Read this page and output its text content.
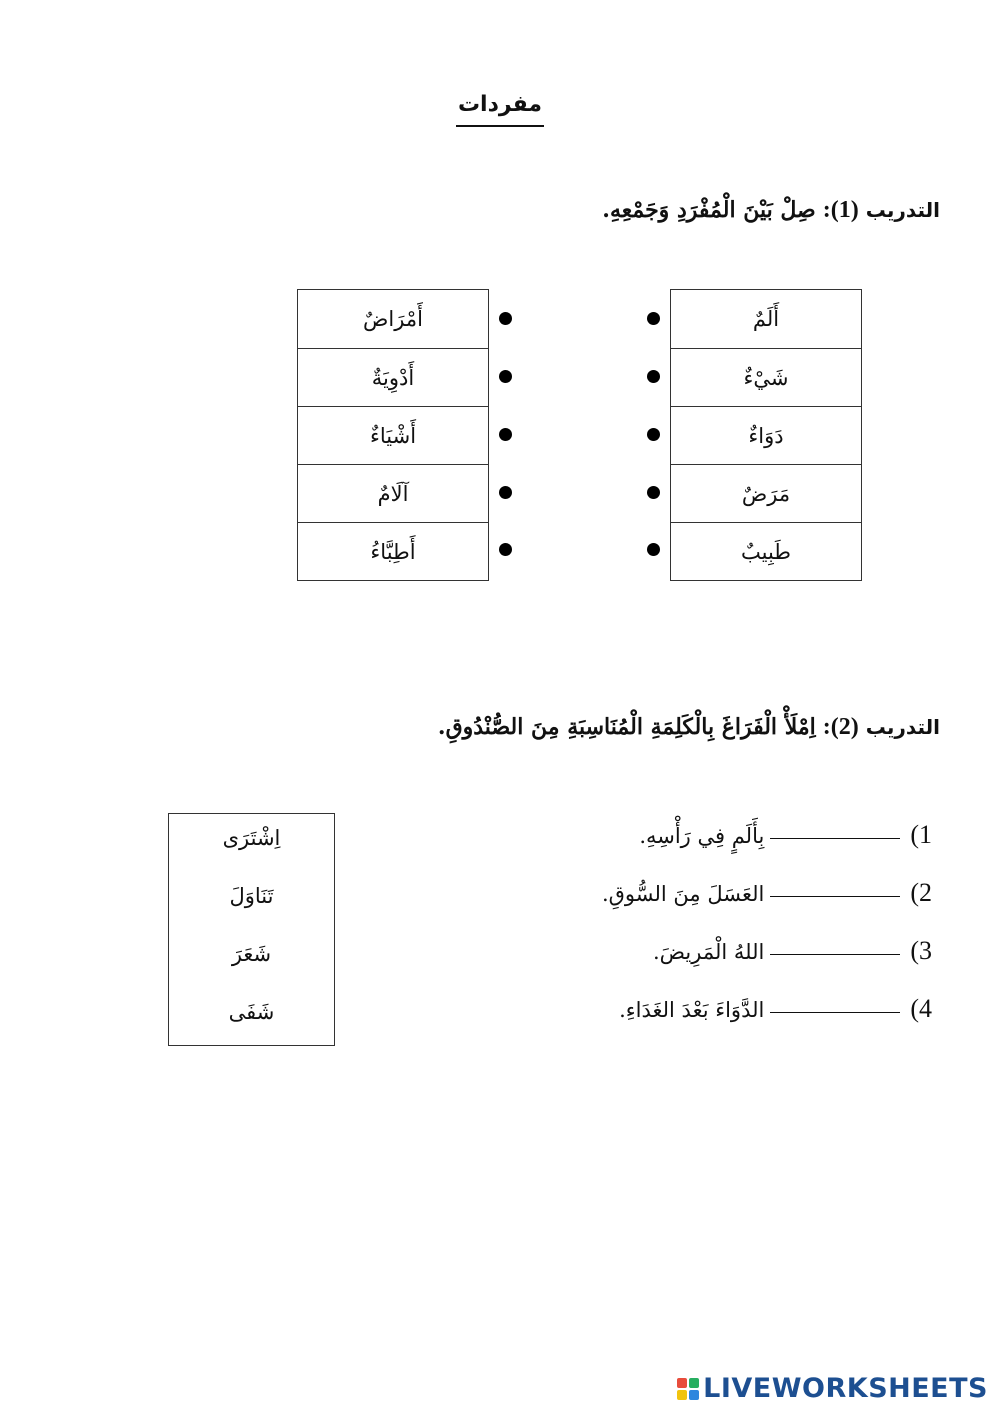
مفردات
التدريب (1): صِلْ بَيْنَ الْمُفْرَدِ وَجَمْعِهِ.
أَلَمٌ
شَيْءٌ
دَوَاءٌ
مَرَضٌ
طَبِيبٌ
أَمْرَاضٌ
أَدْوِيَةٌ
أَشْيَاءٌ
آلَامٌ
أَطِبَّاءُ
التدريب (2): اِمْلَأْ الْفَرَاغَ بِالْكَلِمَةِ الْمُنَاسِبَةِ مِنَ الصُّنْدُوقِ.
1)
بِأَلَمٍ فِي رَأْسِهِ.
2)
العَسَلَ مِنَ السُّوقِ.
3)
اللهُ الْمَرِيضَ.
4)
الدَّوَاءَ بَعْدَ الغَدَاءِ.
اِشْتَرَى
تَنَاوَلَ
شَعَرَ
شَفَى
LIVEWORKSHEETS
